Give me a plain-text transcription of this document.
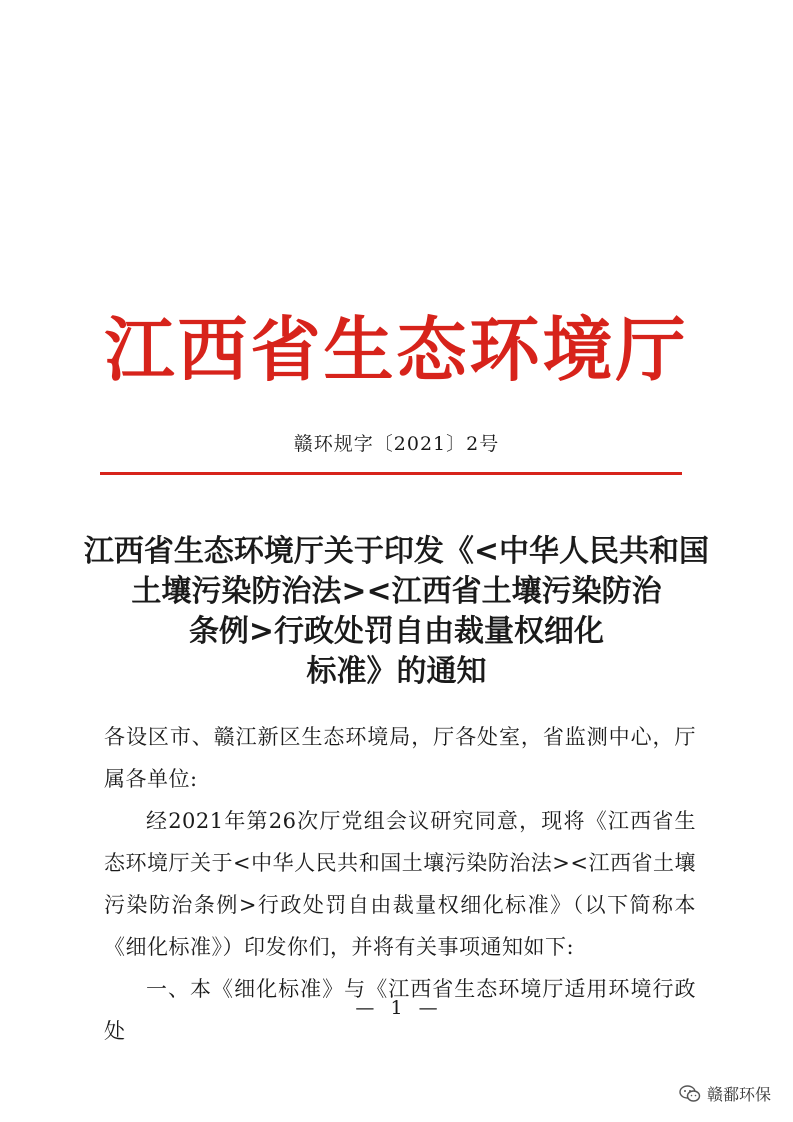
江西省生态环境厅
赣环规字〔2021〕2号
江西省生态环境厅关于印发《<中华人民共和国
土壤污染防治法><江西省土壤污染防治
条例>行政处罚自由裁量权细化
标准》的通知

各设区市、赣江新区生态环境局，厅各处室，省监测中心，厅属各单位:

经2021年第26次厅党组会议研究同意，现将《江西省生态环境厅关于<中华人民共和国土壤污染防治法><江西省土壤污染防治条例>行政处罚自由裁量权细化标准》（以下简称本《细化标准》）印发你们，并将有关事项通知如下:

一、本《细化标准》与《江西省生态环境厅适用环境行政处

— 1 —
赣鄱环保
